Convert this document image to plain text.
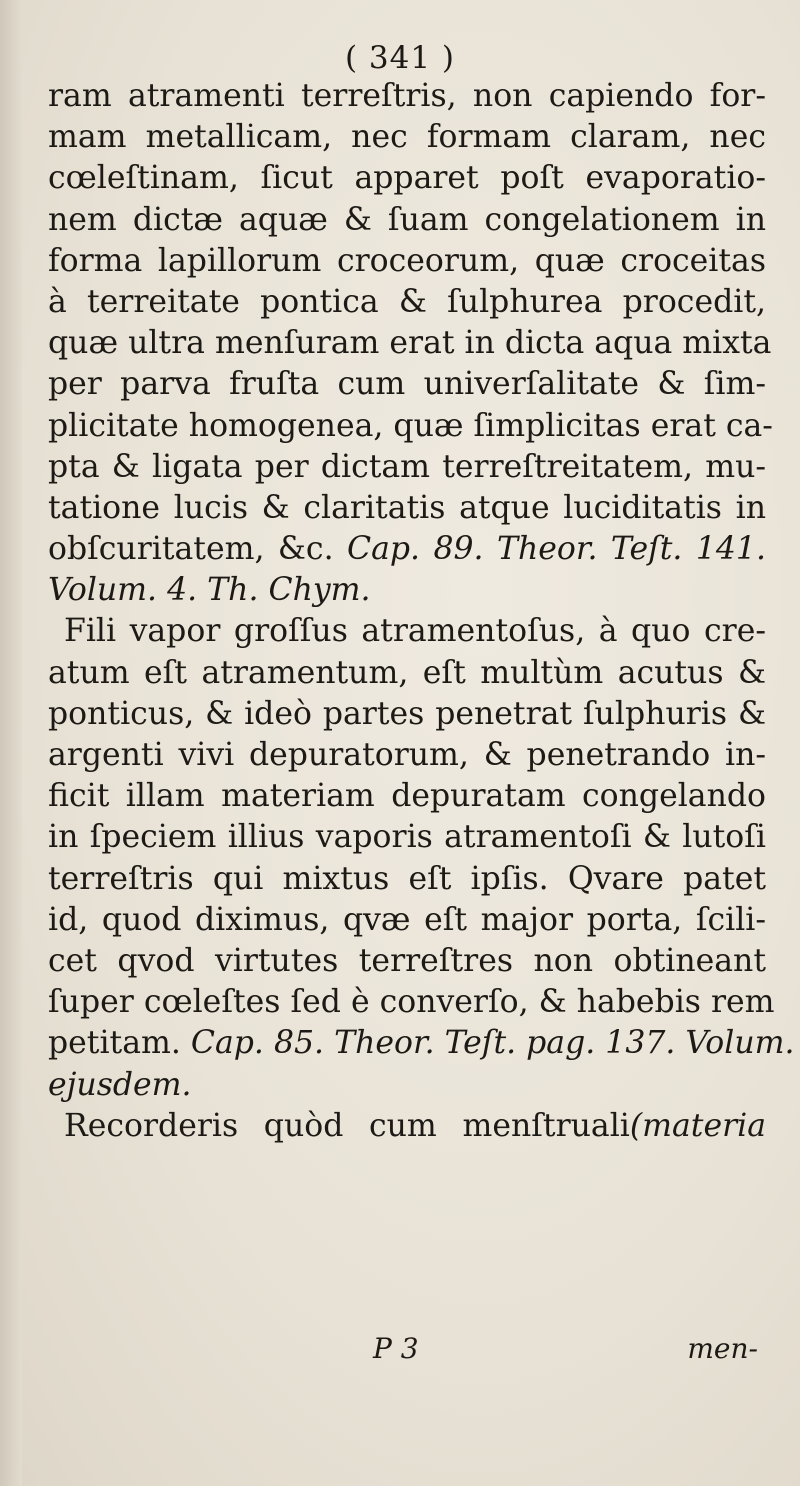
( 341 )
ram atramenti terreſtris, non capiendo for-
mam metallicam, nec formam claram, nec
cœleſtinam, ſicut apparet poſt evaporatio-
nem dictæ aquæ & ſuam congelationem in
forma lapillorum croceorum, quæ croceitas
à terreitate pontica & ſulphurea procedit,
quæ ultra menſuram erat in dicta aqua mixta
per parva fruſta cum univerſalitate & ſim-
plicitate homogenea, quæ ſimplicitas erat ca-
pta & ligata per dictam terreſtreitatem, mu-
tatione lucis & claritatis atque luciditatis in
obſcuritatem, &c. Cap. 89. Theor. Teſt. 141.
Volum. 4. Th. Chym.
Fili vapor groſſus atramentoſus, à quo cre-
atum eſt atramentum, eſt multùm acutus &
ponticus, & ideò partes penetrat ſulphuris &
argenti vivi depuratorum, & penetrando in-
ficit illam materiam depuratam congelando
in ſpeciem illius vaporis atramentoſi & lutoſi
terreſtris qui mixtus eſt ipſis. Qvare patet
id, quod diximus, qvæ eſt major porta, ſcili-
cet qvod virtutes terreſtres non obtineant
ſuper cœleſtes ſed è converſo, & habebis rem
petitam. Cap. 85. Theor. Teſt. pag. 137. Volum.
ejusdem.
Recorderis quòd cum menſtruali(materia
P 3	men-
